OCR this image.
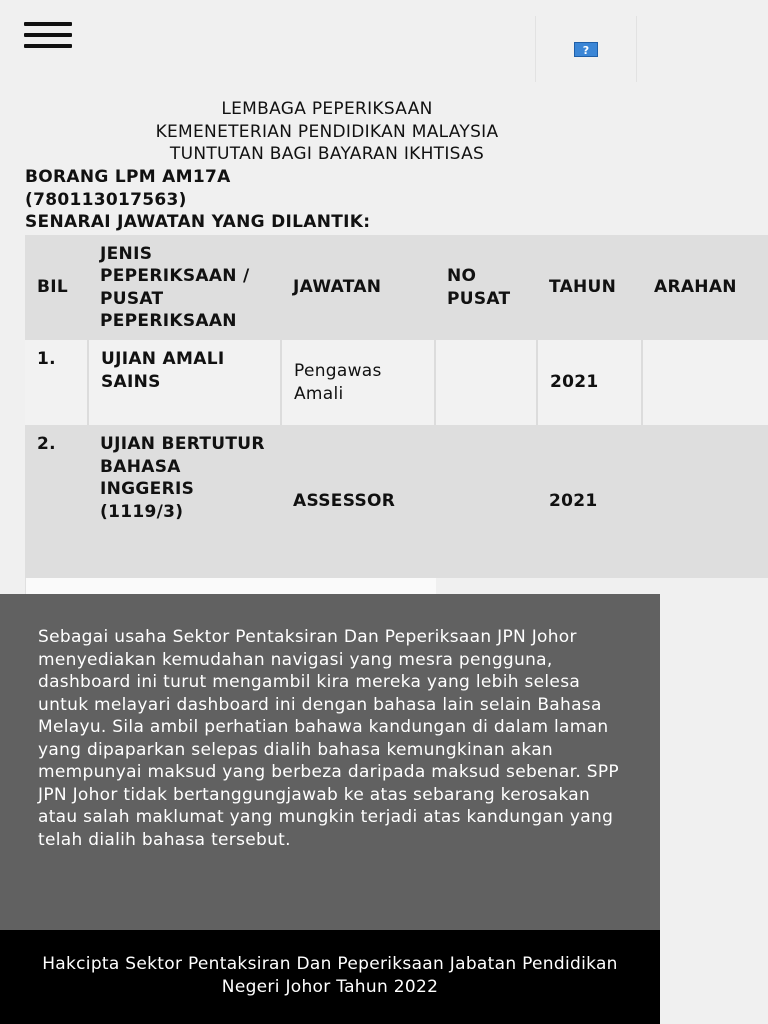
?
LEMBAGA PEPERIKSAAN
KEMENETERIAN PENDIDIKAN MALAYSIA
TUNTUTAN BAGI BAYARAN IKHTISAS
BORANG LPM AM17A
(780113017563)
SENARAI JAWATAN YANG DILANTIK:
BIL	JENIS PEPERIKSAAN / PUSAT PEPERIKSAAN	JAWATAN	NO PUSAT	TAHUN	ARAHAN
1.	UJIAN AMALI SAINS	Pengawas Amali		2021	
2.	UJIAN BERTUTUR BAHASA INGGERIS (1119/3)	ASSESSOR		2021	
Sebagai usaha Sektor Pentaksiran Dan Peperiksaan JPN Johor menyediakan kemudahan navigasi yang mesra pengguna, dashboard ini turut mengambil kira mereka yang lebih selesa untuk melayari dashboard ini dengan bahasa lain selain Bahasa Melayu. Sila ambil perhatian bahawa kandungan di dalam laman yang dipaparkan selepas dialih bahasa kemungkinan akan mempunyai maksud yang berbeza daripada maksud sebenar. SPP JPN Johor tidak bertanggungjawab ke atas sebarang kerosakan atau salah maklumat yang mungkin terjadi atas kandungan yang telah dialih bahasa tersebut.

Hakcipta Sektor Pentaksiran Dan Peperiksaan Jabatan Pendidikan Negeri Johor Tahun 2022
